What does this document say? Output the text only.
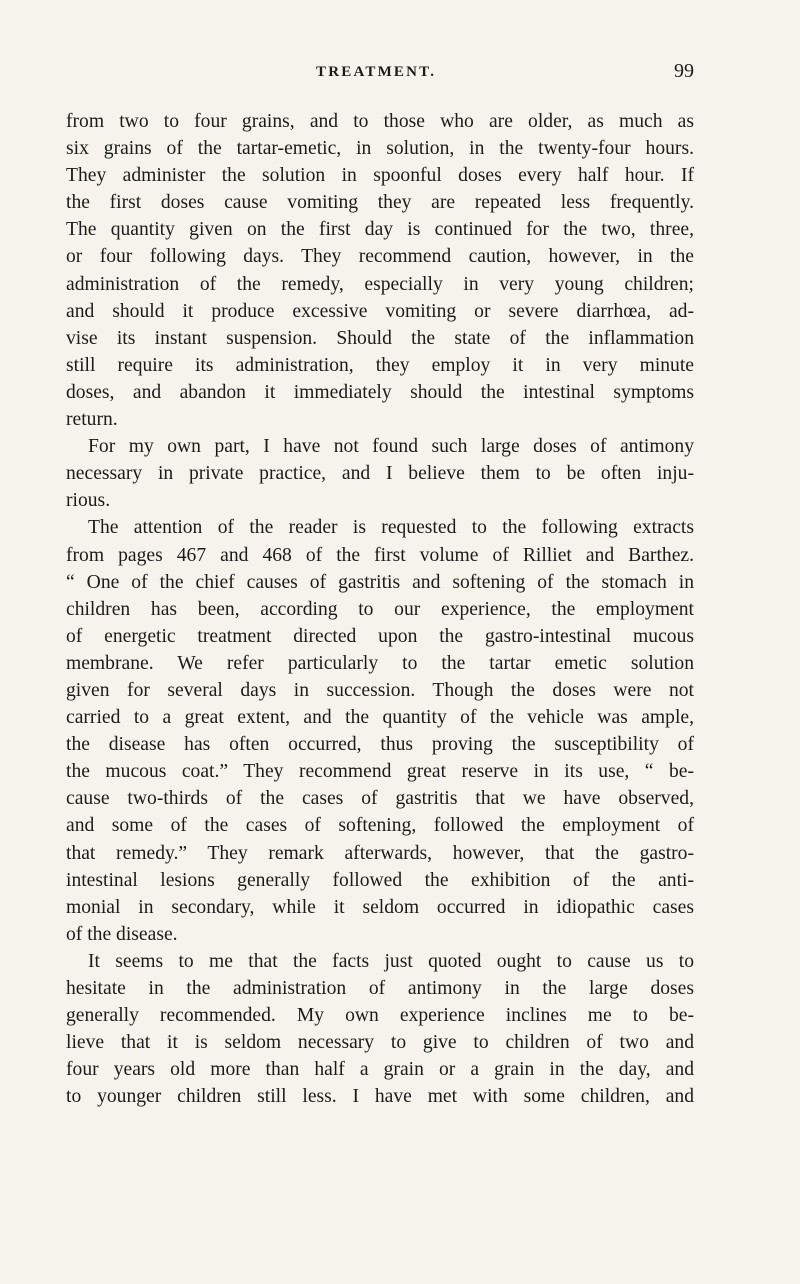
TREATMENT.	99
from two to four grains, and to those who are older, as much as
six grains of the tartar-emetic, in solution, in the twenty-four hours.
They administer the solution in spoonful doses every half hour. If
the first doses cause vomiting they are repeated less frequently.
The quantity given on the first day is continued for the two, three,
or four following days. They recommend caution, however, in the
administration of the remedy, especially in very young children;
and should it produce excessive vomiting or severe diarrhœa, ad-
vise its instant suspension. Should the state of the inflammation
still require its administration, they employ it in very minute
doses, and abandon it immediately should the intestinal symptoms
return.
For my own part, I have not found such large doses of antimony
necessary in private practice, and I believe them to be often inju-
rious.
The attention of the reader is requested to the following extracts
from pages 467 and 468 of the first volume of Rilliet and Barthez.
“ One of the chief causes of gastritis and softening of the stomach in
children has been, according to our experience, the employment
of energetic treatment directed upon the gastro-intestinal mucous
membrane. We refer particularly to the tartar emetic solution
given for several days in succession. Though the doses were not
carried to a great extent, and the quantity of the vehicle was ample,
the disease has often occurred, thus proving the susceptibility of
the mucous coat.” They recommend great reserve in its use, “ be-
cause two-thirds of the cases of gastritis that we have observed,
and some of the cases of softening, followed the employment of
that remedy.” They remark afterwards, however, that the gastro-
intestinal lesions generally followed the exhibition of the anti-
monial in secondary, while it seldom occurred in idiopathic cases
of the disease.
It seems to me that the facts just quoted ought to cause us to
hesitate in the administration of antimony in the large doses
generally recommended. My own experience inclines me to be-
lieve that it is seldom necessary to give to children of two and
four years old more than half a grain or a grain in the day, and
to younger children still less. I have met with some children, and
